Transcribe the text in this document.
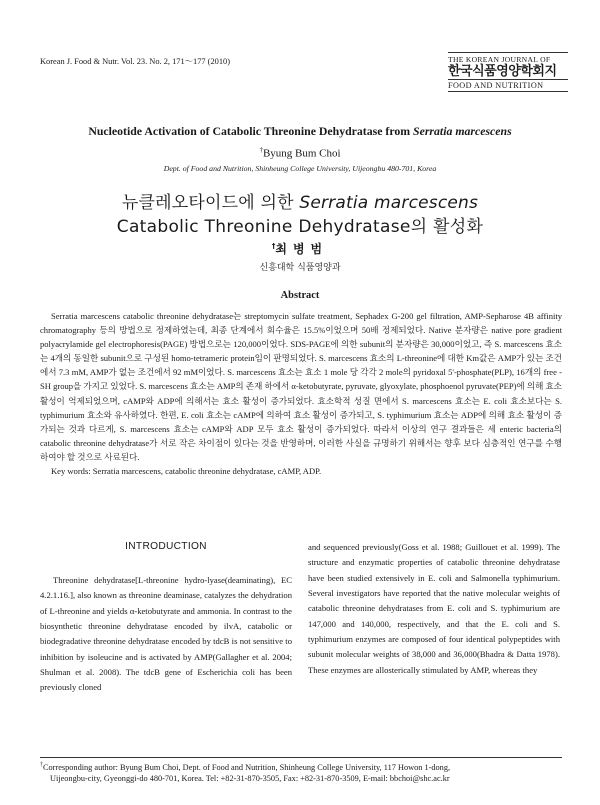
Korean J. Food & Nutr. Vol. 23. No. 2, 171～177 (2010)	THE KOREAN JOURNAL OF
한국식품영양학회지
FOOD AND NUTRITION
Nucleotide Activation of Catabolic Threonine Dehydratase from Serratia marcescens
†Byung Bum Choi
Dept. of Food and Nutrition, Shinheung College University, Uijeongbu 480-701, Korea
뉴클레오타이드에 의한 Serratia marcescens
Catabolic Threonine Dehydratase의 활성화
†최병범
신흥대학 식품영양과
Abstract

Serratia marcescens catabolic threonine dehydratase는 streptomycin sulfate treatment, Sephadex G-200 gel filtration, AMP-Sepharose 4B affinity chromatography 등의 방법으로 정제하였는데, 최종 단계에서 회수율은 15.5%이었으며 50배 정제되었다. Native 분자량은 native pore gradient polyacrylamide gel electrophoresis(PAGE) 방법으로는 120,000이었다. SDS-PAGE에 의한 subunit의 분자량은 30,000이었고, 즉 S. marcescens 효소는 4개의 동일한 subunit으로 구성된 homo-tetrameric protein임이 판명되었다. S. marcescens 효소의 L-threonine에 대한 Km값은 AMP가 있는 조건에서 7.3 mM, AMP가 없는 조건에서 92 mM이었다. S. marcescens 효소는 효소 1 mole 당 각각 2 mole의 pyridoxal 5'-phosphate(PLP), 16개의 free -SH group을 가지고 있었다. S. marcescens 효소는 AMP의 존재 하에서 α-ketobutyrate, pyruvate, glyoxylate, phosphoenol pyruvate(PEP)에 의해 효소 활성이 억제되었으며, cAMP와 ADP에 의해서는 효소 활성이 증가되었다. 효소학적 성질 면에서 S. marcescens 효소는 E. coli 효소보다는 S. typhimurium 효소와 유사하였다. 한편, E. coli 효소는 cAMP에 의하여 효소 활성이 증가되고, S. typhimurium 효소는 ADP에 의해 효소 활성이 증가되는 것과 다르게, S. marcescens 효소는 cAMP와 ADP 모두 효소 활성이 증가되었다. 따라서 이상의 연구 결과들은 세 enteric bacteria의 catabolic threonine dehydratase가 서로 작은 차이점이 있다는 것을 반영하며, 이러한 사실을 규명하기 위해서는 향후 보다 심층적인 연구를 수행하여야 할 것으로 사료된다.

Key words: Serratia marcescens, catabolic threonine dehydratase, cAMP, ADP.

INTRODUCTION

Threonine dehydratase[L-threonine hydro-lyase(deaminating), EC 4.2.1.16.], also known as threonine deaminase, catalyzes the dehydration of L-threonine and yields α-ketobutyrate and ammonia. In contrast to the biosynthetic threonine dehydratase encoded by ilvA, catabolic or biodegradative threonine dehydratase encoded by tdcB is not sensitive to inhibition by isoleucine and is activated by AMP(Gallagher et al. 2004; Shulman et al. 2008). The tdcB gene of Escherichia coli has been previously cloned

and sequenced previously(Goss et al. 1988; Guillouet et al. 1999). The structure and enzymatic properties of catabolic threonine dehydratase have been studied extensively in E. coli and Salmonella typhimurium. Several investigators have reported that the native molecular weights of catabolic threonine dehydratases from E. coli and S. typhimurium are 147,000 and 140,000, respectively, and that the E. coli and S. typhimurium enzymes are composed of four identical polypeptides with subunit molecular weights of 38,000 and 36,000(Bhadra & Datta 1978). These enzymes are allosterically stimulated by AMP, whereas they

†Corresponding author: Byung Bum Choi, Dept. of Food and Nutrition, Shinheung College University, 117 Howon 1-dong,
Uijeongbu-city, Gyeonggi-do 480-701, Korea. Tel: +82-31-870-3505, Fax: +82-31-870-3509, E-mail: bbchoi@shc.ac.kr
